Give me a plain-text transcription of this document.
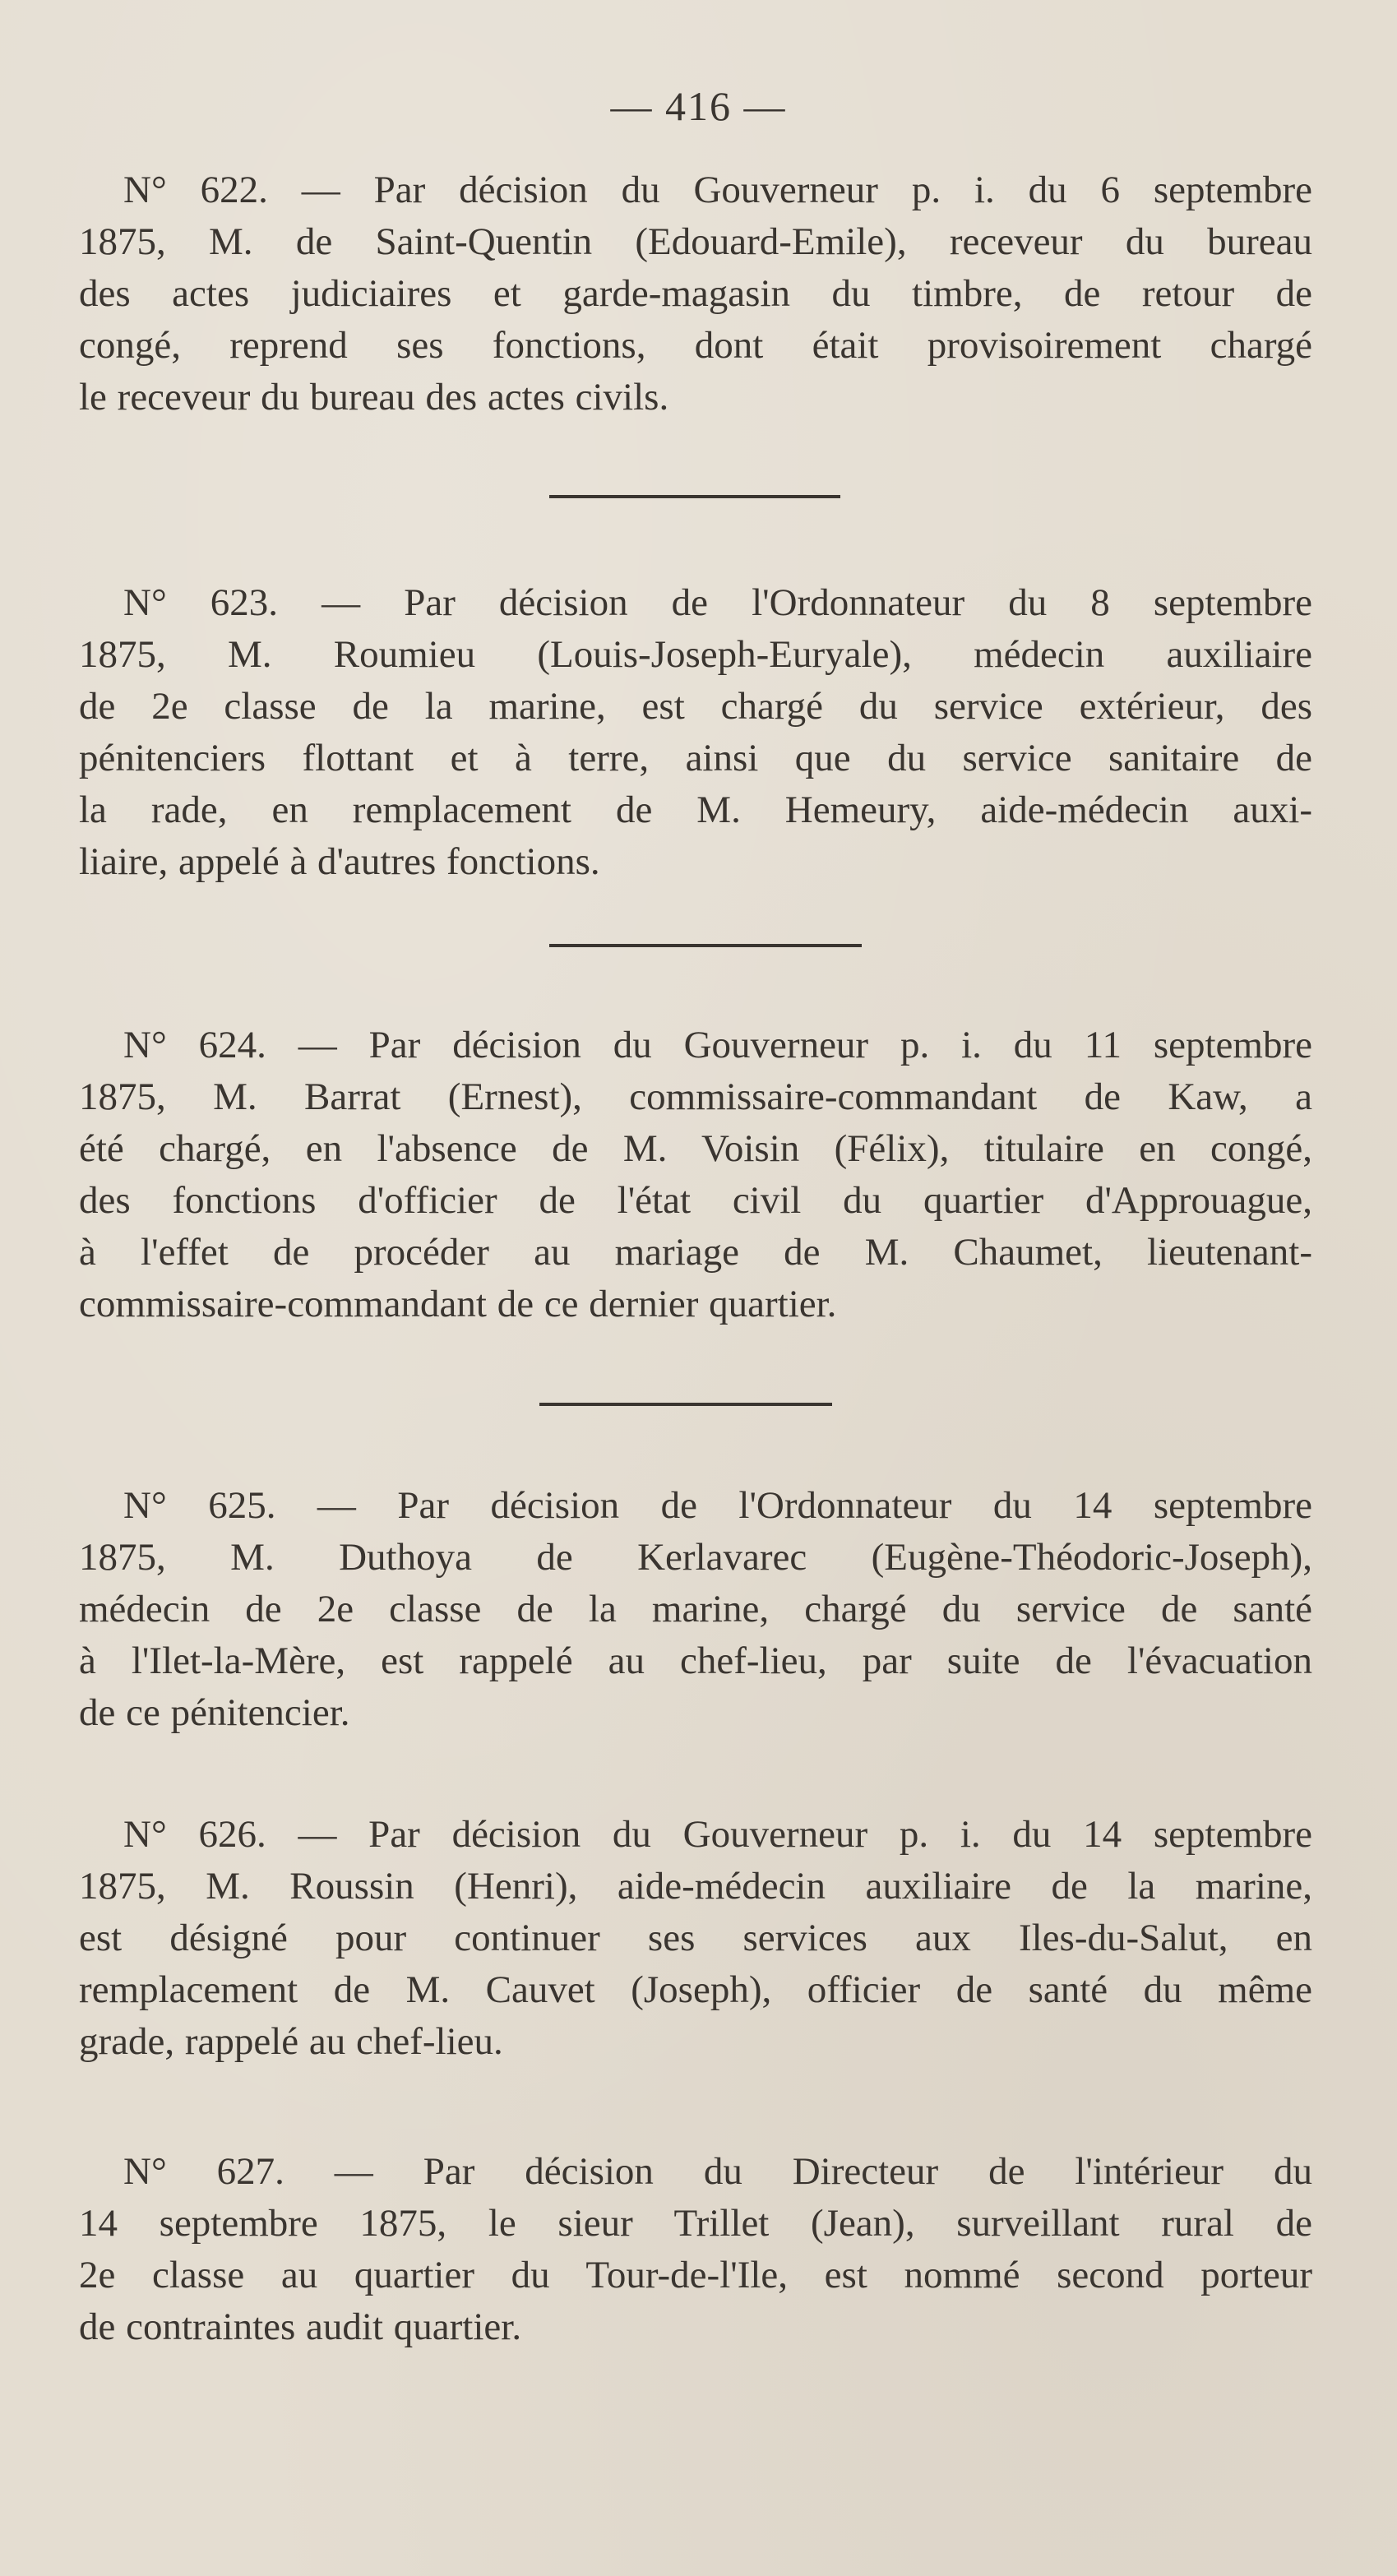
— 416 —
N° 622. — Par décision du Gouverneur p. i. du 6 septembre
1875, M. de Saint-Quentin (Edouard-Emile), receveur du bureau
des actes judiciaires et garde-magasin du timbre, de retour de
congé, reprend ses fonctions, dont était provisoirement chargé
le receveur du bureau des actes civils.
N° 623. — Par décision de l'Ordonnateur du 8 septembre
1875, M. Roumieu (Louis-Joseph-Euryale), médecin auxiliaire
de 2e classe de la marine, est chargé du service extérieur, des
pénitenciers flottant et à terre, ainsi que du service sanitaire de
la rade, en remplacement de M. Hemeury, aide-médecin auxi-
liaire, appelé à d'autres fonctions.
N° 624. — Par décision du Gouverneur p. i. du 11 septembre
1875, M. Barrat (Ernest), commissaire-commandant de Kaw, a
été chargé, en l'absence de M. Voisin (Félix), titulaire en congé,
des fonctions d'officier de l'état civil du quartier d'Approuague,
à l'effet de procéder au mariage de M. Chaumet, lieutenant-
commissaire-commandant de ce dernier quartier.
N° 625. — Par décision de l'Ordonnateur du 14 septembre
1875, M. Duthoya de Kerlavarec (Eugène-Théodoric-Joseph),
médecin de 2e classe de la marine, chargé du service de santé
à l'Ilet-la-Mère, est rappelé au chef-lieu, par suite de l'évacuation
de ce pénitencier.
N° 626. — Par décision du Gouverneur p. i. du 14 septembre
1875, M. Roussin (Henri), aide-médecin auxiliaire de la marine,
est désigné pour continuer ses services aux Iles-du-Salut, en
remplacement de M. Cauvet (Joseph), officier de santé du même
grade, rappelé au chef-lieu.
N° 627. — Par décision du Directeur de l'intérieur du
14 septembre 1875, le sieur Trillet (Jean), surveillant rural de
2e classe au quartier du Tour-de-l'Ile, est nommé second porteur
de contraintes audit quartier.
